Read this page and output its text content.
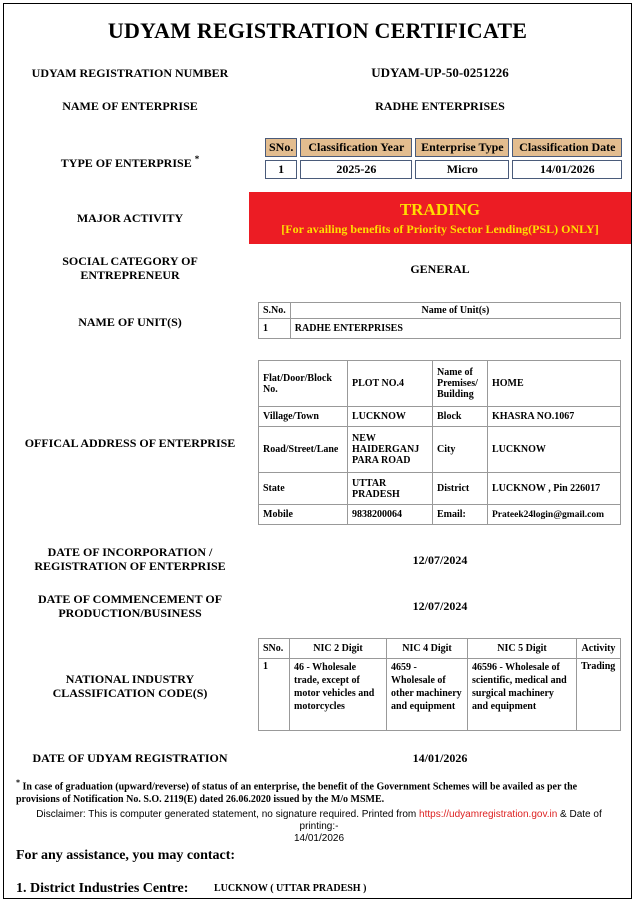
UDYAM REGISTRATION CERTIFICATE
UDYAM REGISTRATION NUMBER	UDYAM-UP-50-0251226
NAME OF ENTERPRISE	RADHE ENTERPRISES
TYPE OF ENTERPRISE *
SNo.	Classification Year	Enterprise Type	Classification Date
1	2025-26	Micro	14/01/2026
MAJOR ACTIVITY	TRADING
[For availing benefits of Priority Sector Lending(PSL) ONLY]
SOCIAL CATEGORY OF
ENTREPRENEUR	GENERAL
NAME OF UNIT(S)
S.No.	Name of Unit(s)
1	RADHE ENTERPRISES
OFFICAL ADDRESS OF ENTERPRISE
Flat/Door/Block No.	PLOT NO.4	Name of Premises/ Building	HOME
Village/Town	LUCKNOW	Block	KHASRA NO.1067
Road/Street/Lane	NEW HAIDERGANJ PARA ROAD	City	LUCKNOW
State	UTTAR PRADESH	District	LUCKNOW , Pin 226017
Mobile	9838200064	Email:	Prateek24login@gmail.com
DATE OF INCORPORATION /
REGISTRATION OF ENTERPRISE	12/07/2024
DATE OF COMMENCEMENT OF
PRODUCTION/BUSINESS	12/07/2024
NATIONAL INDUSTRY
CLASSIFICATION CODE(S)
SNo.	NIC 2 Digit	NIC 4 Digit	NIC 5 Digit	Activity
1	46 - Wholesale trade, except of motor vehicles and motorcycles	4659 - Wholesale of other machinery and equipment	46596 - Wholesale of scientific, medical and surgical machinery and equipment	Trading
DATE OF UDYAM REGISTRATION	14/01/2026
* In case of graduation (upward/reverse) of status of an enterprise, the benefit of the Government Schemes will be availed as per the provisions of Notification No. S.O. 2119(E) dated 26.06.2020 issued by the M/o MSME.
Disclaimer: This is computer generated statement, no signature required. Printed from https://udyamregistration.gov.in & Date of printing:-
14/01/2026
For any assistance, you may contact:
1. District Industries Centre:	LUCKNOW ( UTTAR PRADESH )
